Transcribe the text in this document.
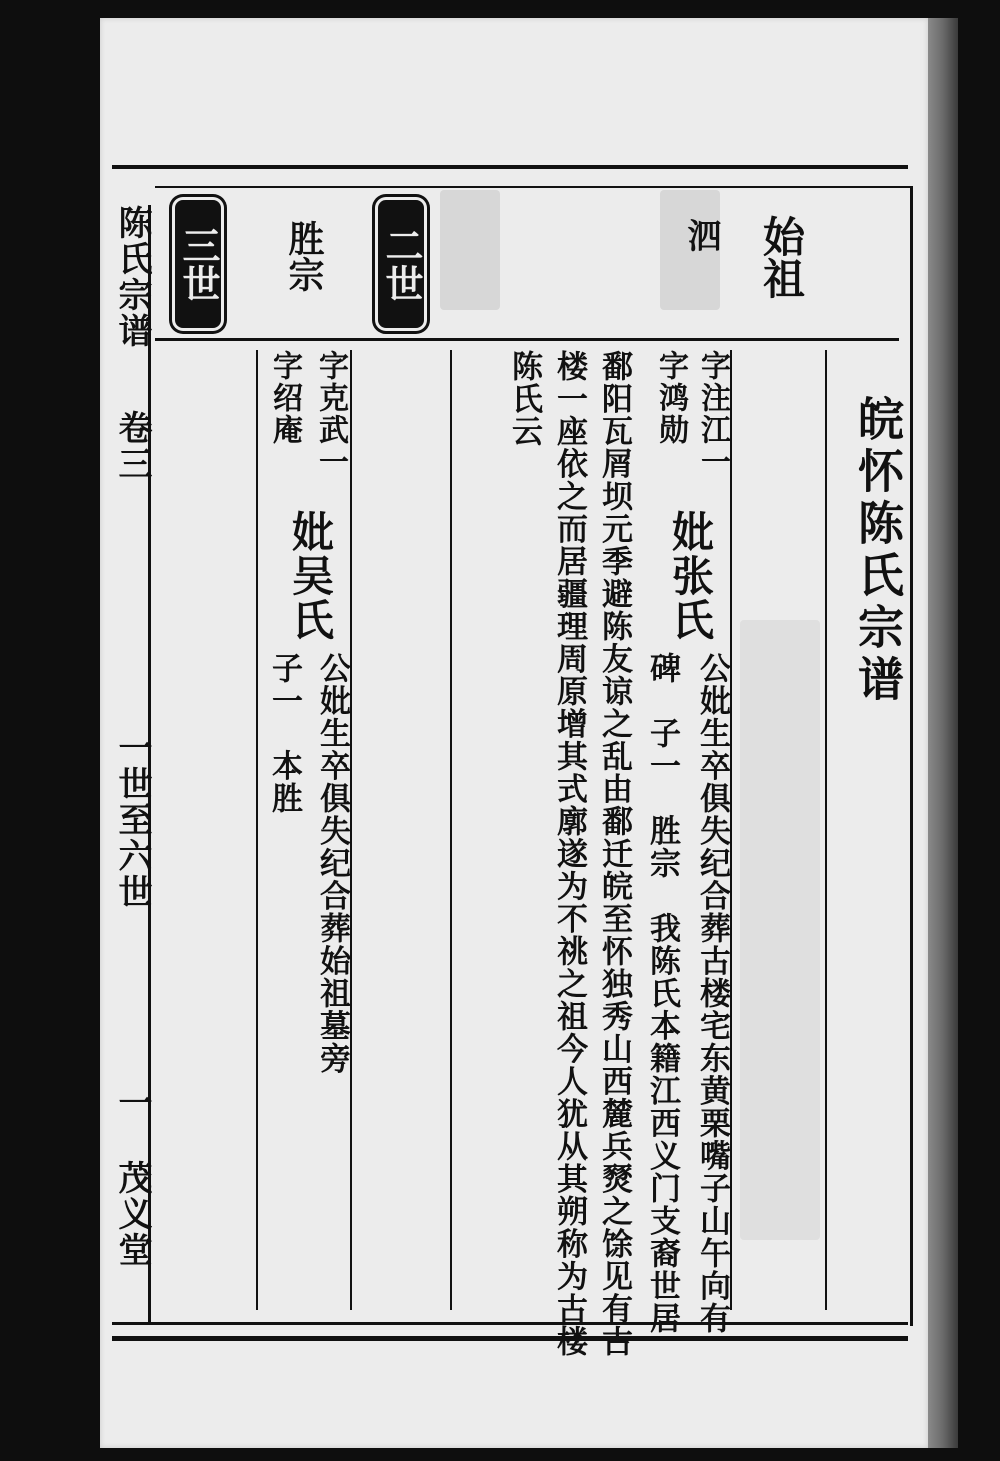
陈氏宗谱
卷三
一世至六世
一
茂义堂
皖怀陈氏宗谱
始祖
泗
字注江一
字鸿勋
妣张氏
公妣生卒俱失纪合葬古楼宅东黄栗嘴子山午向有
碑　子一　胜宗　我陈氏本籍江西义门支裔世居
鄱阳瓦屑坝元季避陈友谅之乱由鄱迁皖至怀独秀山西麓兵燹之馀见有古
楼一座依之而居疆理周原增其式廓遂为不祧之祖今人犹从其朔称为古楼
陈氏云
二世
胜宗
字克武一
字绍庵
妣吴氏
公妣生卒俱失纪合葬始祖墓旁
子一　本胜
三世
